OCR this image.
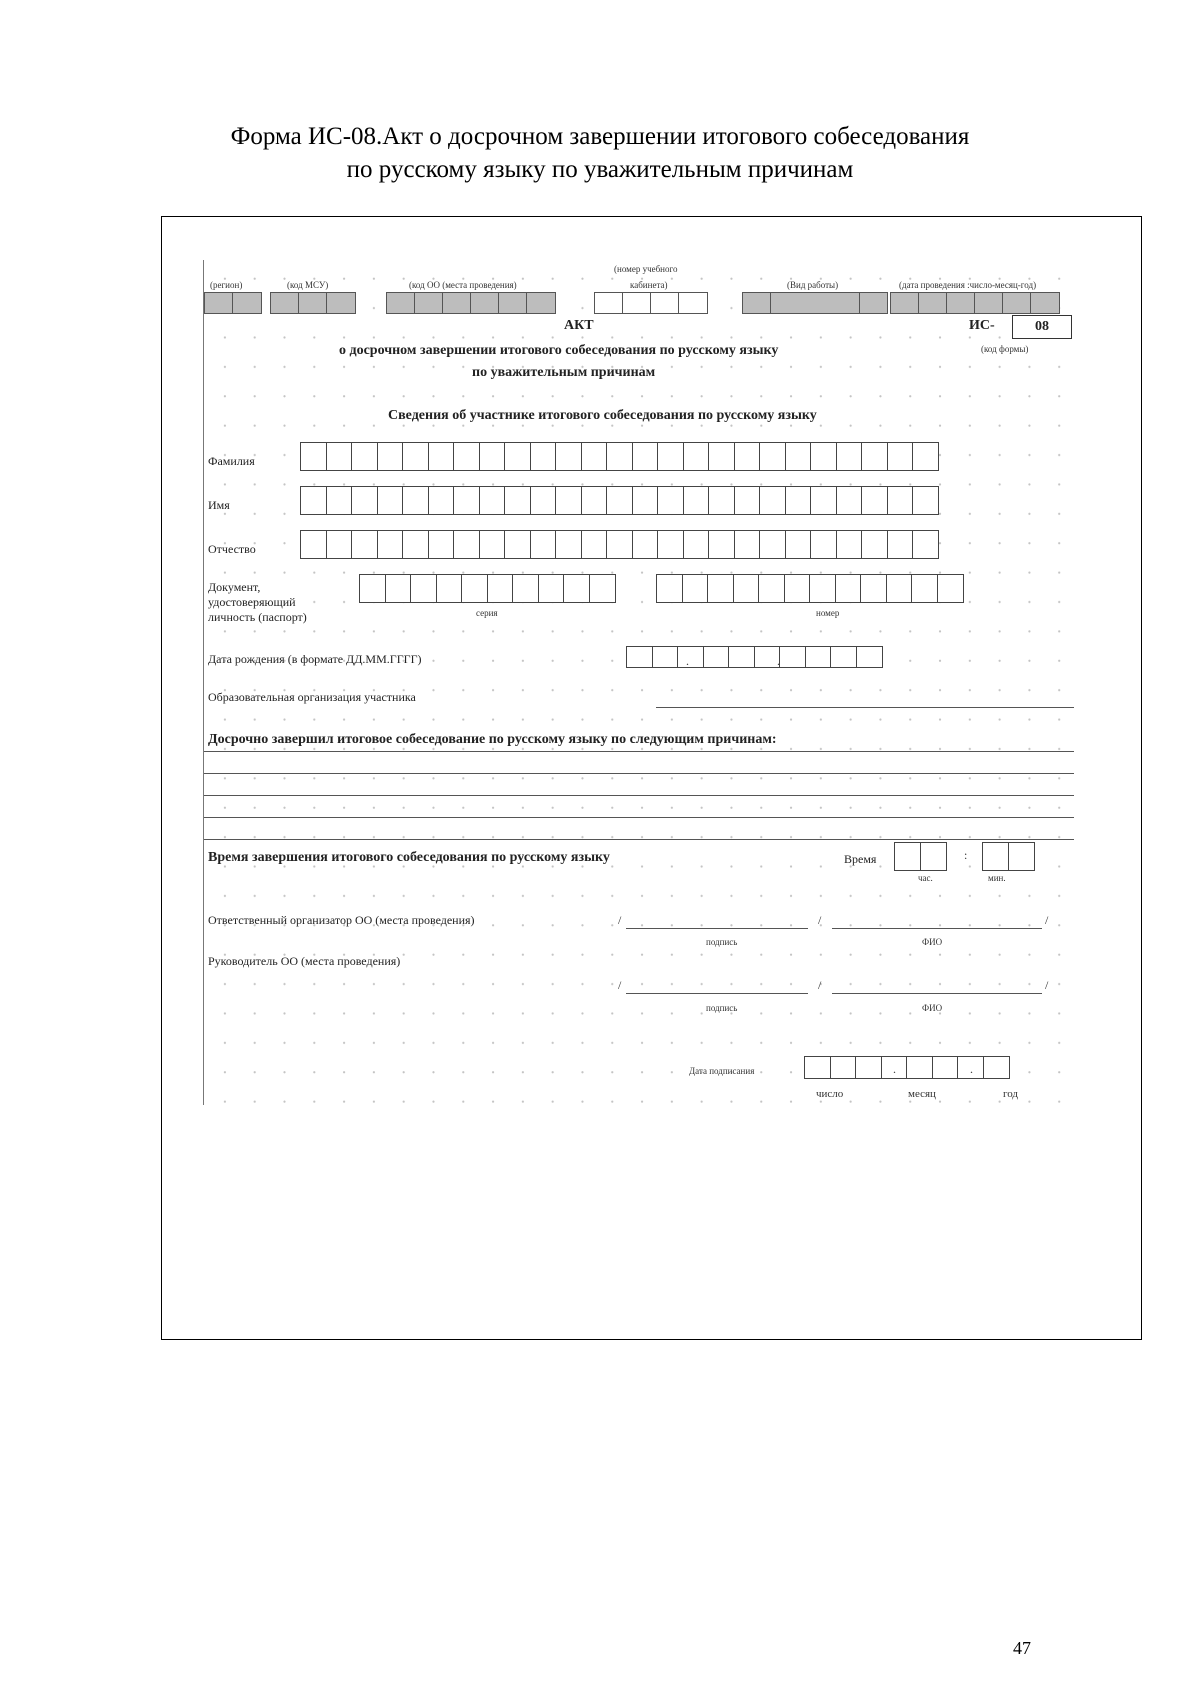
Форма ИС-08.Акт о досрочном завершении итогового собеседования
по русскому языку по уважительным причинам
(регион)	(код МСУ)	(код ОО (места проведения)
(номер учебного
кабинета)	(Вид работы)	(дата проведения :число-месяц-год)
АКТ	ИС-	08
(код формы)
о досрочном завершении итогового собеседования по русскому языку
по уважительным причинам
Сведения об участнике итогового собеседования по русскому языку
Фамилия
Имя
Отчество
Документ,
удостоверяющий
личность (паспорт)	серия	номер
Дата рождения (в формате ДД.ММ.ГГГГ)	.	.
Образовательная организация участника
Досрочно завершил итоговое собеседование по русскому языку по следующим причинам:
Время завершения итогового собеседования по русскому языку	Время	:
час.	мин.
Ответственный организатор ОО (места проведения)	/	/	/
подпись	ФИО
Руководитель ОО (места проведения)
/	/	/
подпись	ФИО
Дата подписания	.	.
число	месяц	год
47
